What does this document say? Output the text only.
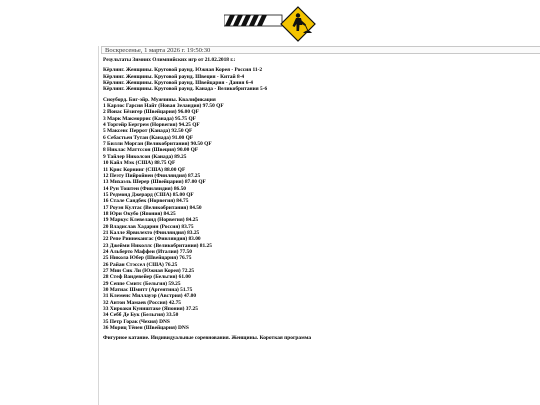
Воскресенье, 1 марта 2026 г. 19:50:30
Результаты Зимних Олимпийских игр от 21.02.2018 г.:
Кёрлинг. Женщины. Круговой раунд. Южная Корея - Россия 11-2
Кёрлинг. Женщины. Круговой раунд. Швеция - Китай 8-4
Кёрлинг. Женщины. Круговой раунд. Швейцария - Дания 6-4
Кёрлинг. Женщины. Круговой раунд. Канада - Великобритания 5-6
Сноуборд. Биг-эйр. Мужчины. Квалификация
1 Карлос Гарсия Найт (Новая Зеландия) 97.50 QF
2 Йонас Бёзигер (Швейцария) 96.00 QF
3 Марк Макморрис (Канада) 95.75 QF
4 Торгейр Бергрем (Норвегия) 94.25 QF
5 Максенс Перрот (Канада) 92.50 QF
6 Себастьен Тутан (Канада) 91.00 QF
7 Билли Морган (Великобритания) 90.50 QF
8 Никлас Маттссон (Швеция) 90.00 QF
9 Тайлер Николсон (Канада) 89.25
10 Кайл Мэк (США) 88.75 QF
11 Крис Корнинг (США) 88.00 QF
12 Пеэту Пийройнен (Финляндия) 87.25
13 Михаэль Шерер (Швейцария) 87.00 QF
14 Рун Тоштен (Финляндия) 86.50
15 Редмонд Джерард (США) 85.00 QF
16 Стале Сандбек (Норвегия) 84.75
17 Роуэн Култас (Великобритания) 84.50
18 Юри Окубо (Япония) 84.25
19 Маркус Клевеланд (Норвегия) 84.25
20 Владислав Хадарин (Россия) 83.75
21 Калле Ярвилехто (Финляндия) 83.25
22 Репе Риннекангас (Финляндия) 83.00
23 Джейми Николлс (Великобритания) 81.25
24 Альберто Маффеи (Италия) 77.50
25 Никола Юбер (Швейцария) 76.75
26 Райан Стэссел (США) 76.25
27 Мин Сик Ли (Южная Корея) 72.25
28 Стеф Вандевейер (Бельгия) 61.00
29 Сеппе Смитс (Бельгия) 59.25
30 Матиас Шмитт (Аргентина) 51.75
31 Клеменс Миллауэр (Австрия) 47.00
32 Антон Мамаев (Россия) 42.75
33 Хироаки Куништаке (Япония) 37.25
34 Себб Де Бук (Бельгия) 33.50
35 Петр Горак (Чехия) DNS
36 Мориц Тёнен (Швейцария) DNS
Фигурное катание. Индивидуальные соревнования. Женщины. Короткая программа
